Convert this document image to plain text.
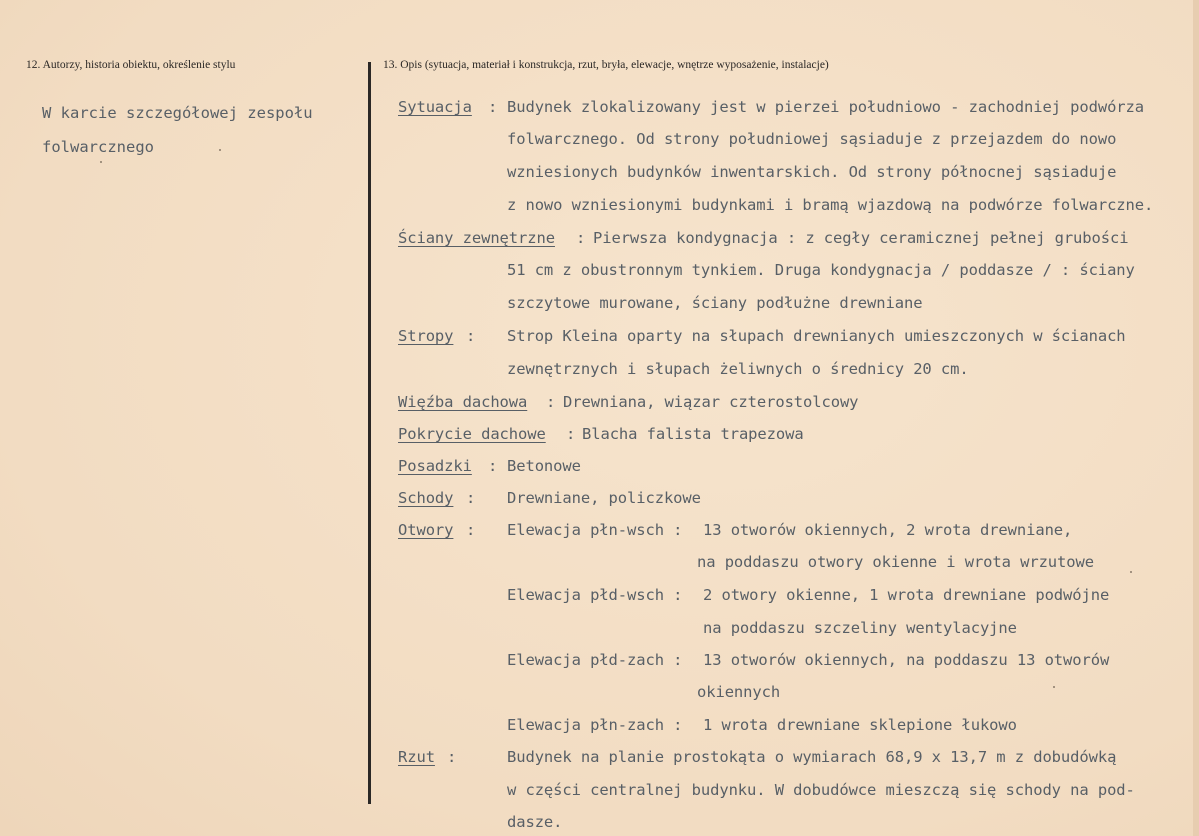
12. Autorzy, historia obiektu, określenie stylu	13. Opis (sytuacja, materiał i konstrukcja, rzut, bryła, elewacje, wnętrze wyposażenie, instalacje)
W karcie szczegółowej zespołu
folwarcznego
Sytuacja : Budynek zlokalizowany jest w pierzei południowo - zachodniej podwórza
folwarcznego. Od strony południowej sąsiaduje z przejazdem do nowo
wzniesionych budynków inwentarskich. Od strony północnej sąsiaduje
z nowo wzniesionymi budynkami i bramą wjazdową na podwórze folwarczne.
Ściany zewnętrzne : Pierwsza kondygnacja : z cegły ceramicznej pełnej grubości
51 cm z obustronnym tynkiem. Druga kondygnacja / poddasze / : ściany
szczytowe murowane, ściany podłużne drewniane
Stropy : Strop Kleina oparty na słupach drewnianych umieszczonych w ścianach
zewnętrznych i słupach żeliwnych o średnicy 20 cm.
Więźba dachowa : Drewniana, wiązar czterostolcowy
Pokrycie dachowe : Blacha falista trapezowa
Posadzki : Betonowe
Schody : Drewniane, policzkowe
Otwory : Elewacja płn-wsch : 13 otworów okiennych, 2 wrota drewniane,
na poddaszu otwory okienne i wrota wrzutowe
Elewacja płd-wsch : 2 otwory okienne, 1 wrota drewniane podwójne
na poddaszu szczeliny wentylacyjne
Elewacja płd-zach : 13 otworów okiennych, na poddaszu 13 otworów
okiennych
Elewacja płn-zach : 1 wrota drewniane sklepione łukowo
Rzut :	Budynek na planie prostokąta o wymiarach 68,9 x 13,7 m z dobudówką
w części centralnej budynku. W dobudówce mieszczą się schody na pod-
dasze.
